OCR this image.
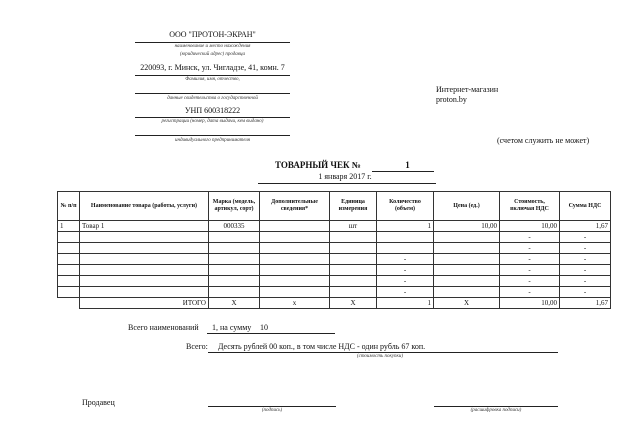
ООО "ПРОТОН-ЭКРАН"
наименование и место нахождения
(юридический адрес) продавца
220093, г. Минск, ул. Чигладзе, 41, комн. 7
Фамилия, имя, отчество,
данные свидетельства о государственной
УНП 600318222
регистрации (номер, дата выдачи, кем выдано)
индивидуального предпринимателя
Интернет-магазин
proton.by
(счетом служить не может)
ТОВАРНЫЙ ЧЕК №	1
1 января 2017 г.
№ п/п	Наименование товара (работы, услуги)	Марка (модель, артикул, сорт)	Дополнительные сведения*	Единица измерения	Количество (объем)	Цена (ед.)	Стоимость, включая НДС	Сумма НДС
1	Товар 1	000335		шт	1	10,00	10,00	1,67
							-	-
							-	-
					-		-	-
					-		-	-
					-		-	-
					-		-	-
	ИТОГО	X	x	X	1	X	10,00	1,67
Всего наименований 1, на сумму 10
Всего: Десять рублей 00 коп., в том числе НДС - один рубль 67 коп.
(стоимость покупки)
Продавец
(подпись)	(расшифровка подписи)
